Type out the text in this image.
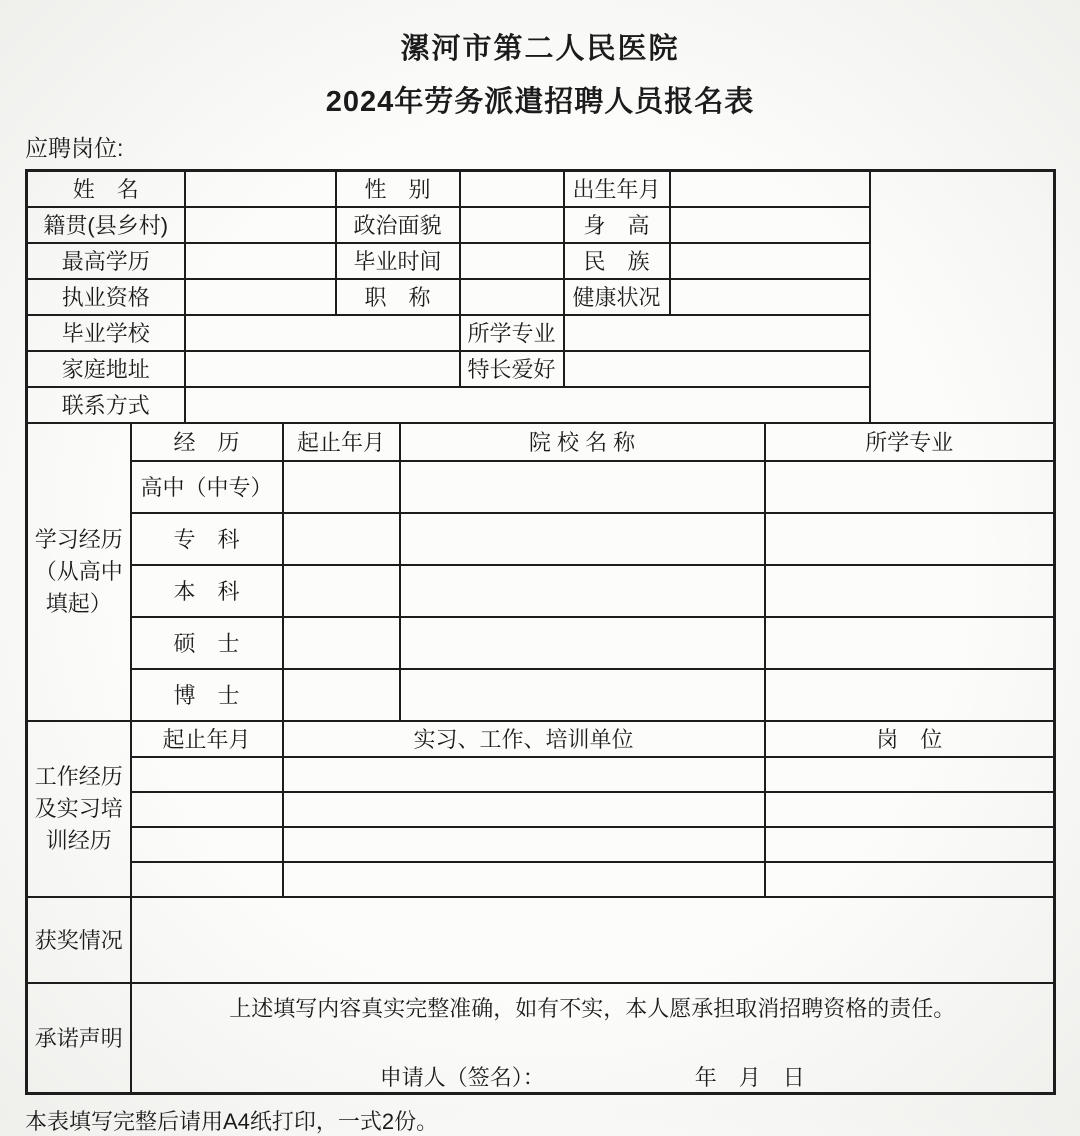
漯河市第二人民医院
2024年劳务派遣招聘人员报名表
应聘岗位:
姓　名				性　别			出生年月			
籍贯(县乡村)				政治面貌			身　高			
最高学历				毕业时间			民　族			
执业资格				职　称			健康状况			
毕业学校						所学专业				
家庭地址						特长爱好				
联系方式										
学习经历
（从高中
填起）	经　历		起止年月		院 校 名 称				所学专业	
	高中（中专）									
	专　科									
	本　科									
	硕　士									
	博　士									
工作经历
及实习培
训经历	起止年月		实习、工作、培训单位						岗　位	

获奖情况										
承诺声明	上述填写内容真实完整准确，如有不实，本人愿承担取消招聘资格的责任。
申请人（签名）： 年　月　日									
本表填写完整后请用A4纸打印，一式2份。
